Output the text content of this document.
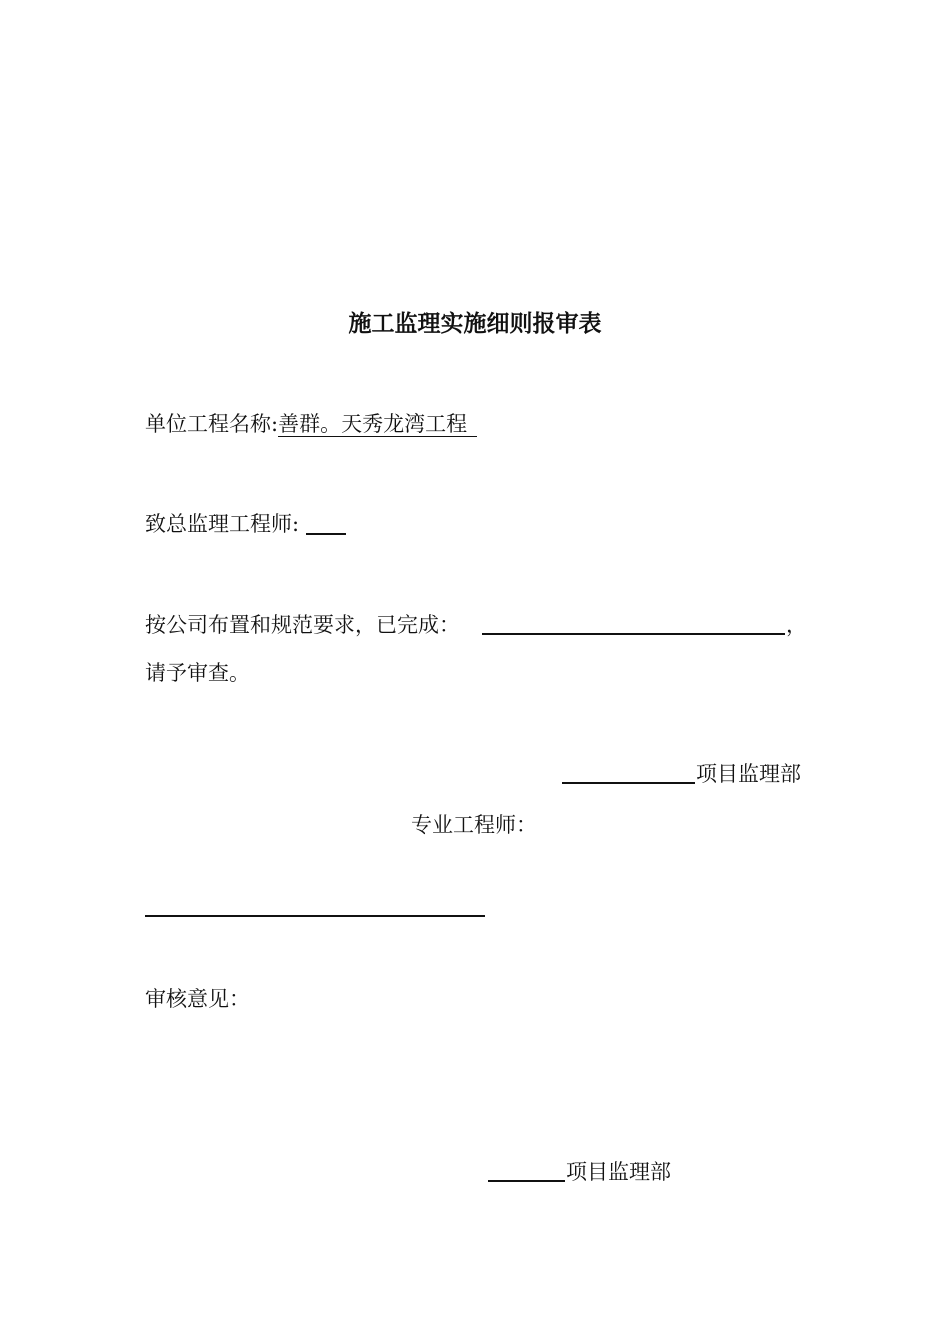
施工监理实施细则报审表
单位工程名称:善群。天秀龙湾工程
致总监理工程师:
按公司布置和规范要求，已完成：	，
请予审查。
项目监理部
专业工程师：
审核意见：
项目监理部
